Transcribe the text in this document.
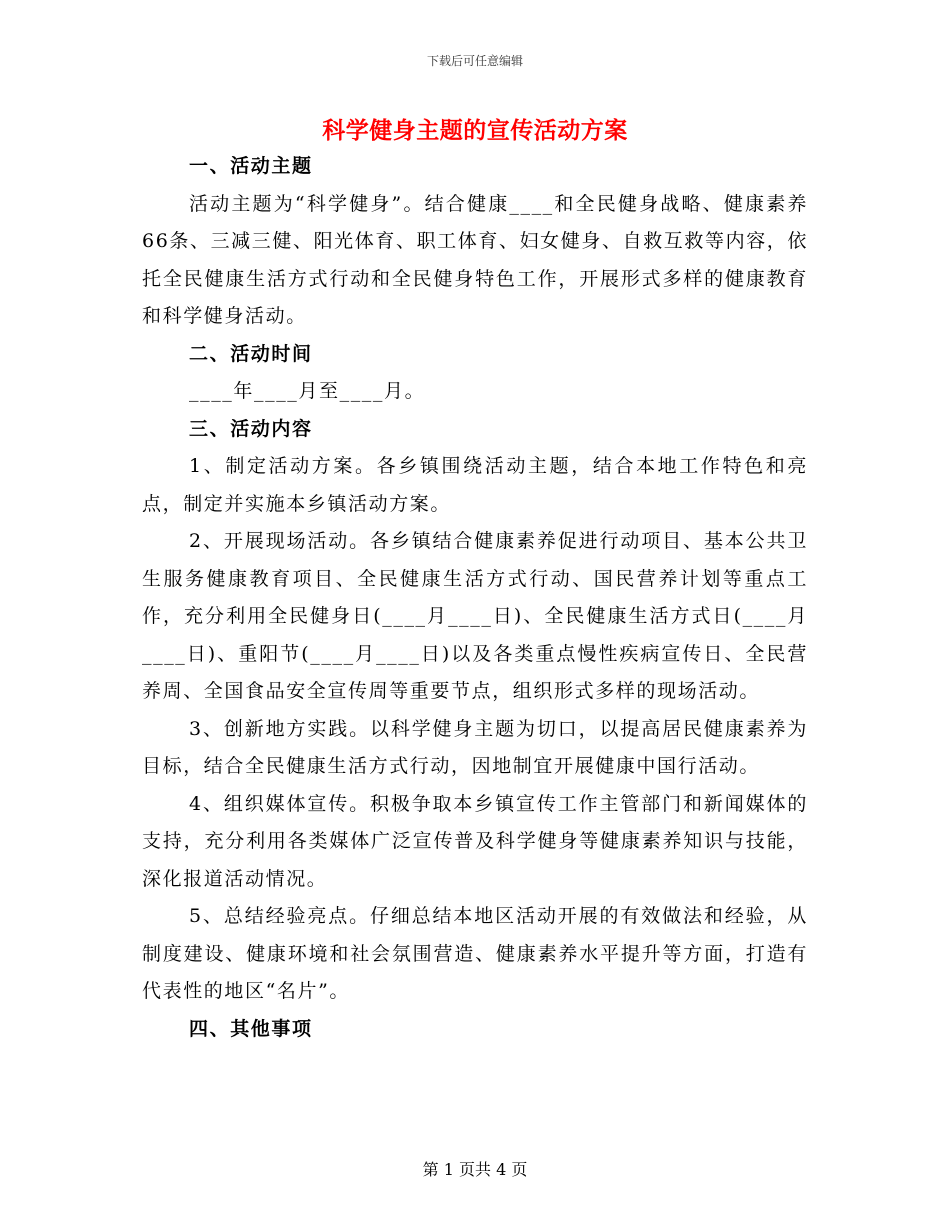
下载后可任意编辑
科学健身主题的宣传活动方案

一、活动主题

活动主题为“科学健身”。结合健康____和全民健身战略、健康素养66条、三减三健、阳光体育、职工体育、妇女健身、自救互救等内容，依托全民健康生活方式行动和全民健身特色工作，开展形式多样的健康教育和科学健身活动。

二、活动时间

____年____月至____月。

三、活动内容

1、制定活动方案。各乡镇围绕活动主题，结合本地工作特色和亮点，制定并实施本乡镇活动方案。

2、开展现场活动。各乡镇结合健康素养促进行动项目、基本公共卫生服务健康教育项目、全民健康生活方式行动、国民营养计划等重点工作，充分利用全民健身日(____月____日)、全民健康生活方式日(____月____日)、重阳节(____月____日)以及各类重点慢性疾病宣传日、全民营养周、全国食品安全宣传周等重要节点，组织形式多样的现场活动。

3、创新地方实践。以科学健身主题为切口，以提高居民健康素养为目标，结合全民健康生活方式行动，因地制宜开展健康中国行活动。

4、组织媒体宣传。积极争取本乡镇宣传工作主管部门和新闻媒体的支持，充分利用各类媒体广泛宣传普及科学健身等健康素养知识与技能，深化报道活动情况。

5、总结经验亮点。仔细总结本地区活动开展的有效做法和经验，从制度建设、健康环境和社会氛围营造、健康素养水平提升等方面，打造有代表性的地区“名片”。

四、其他事项

第 1 页共 4 页
